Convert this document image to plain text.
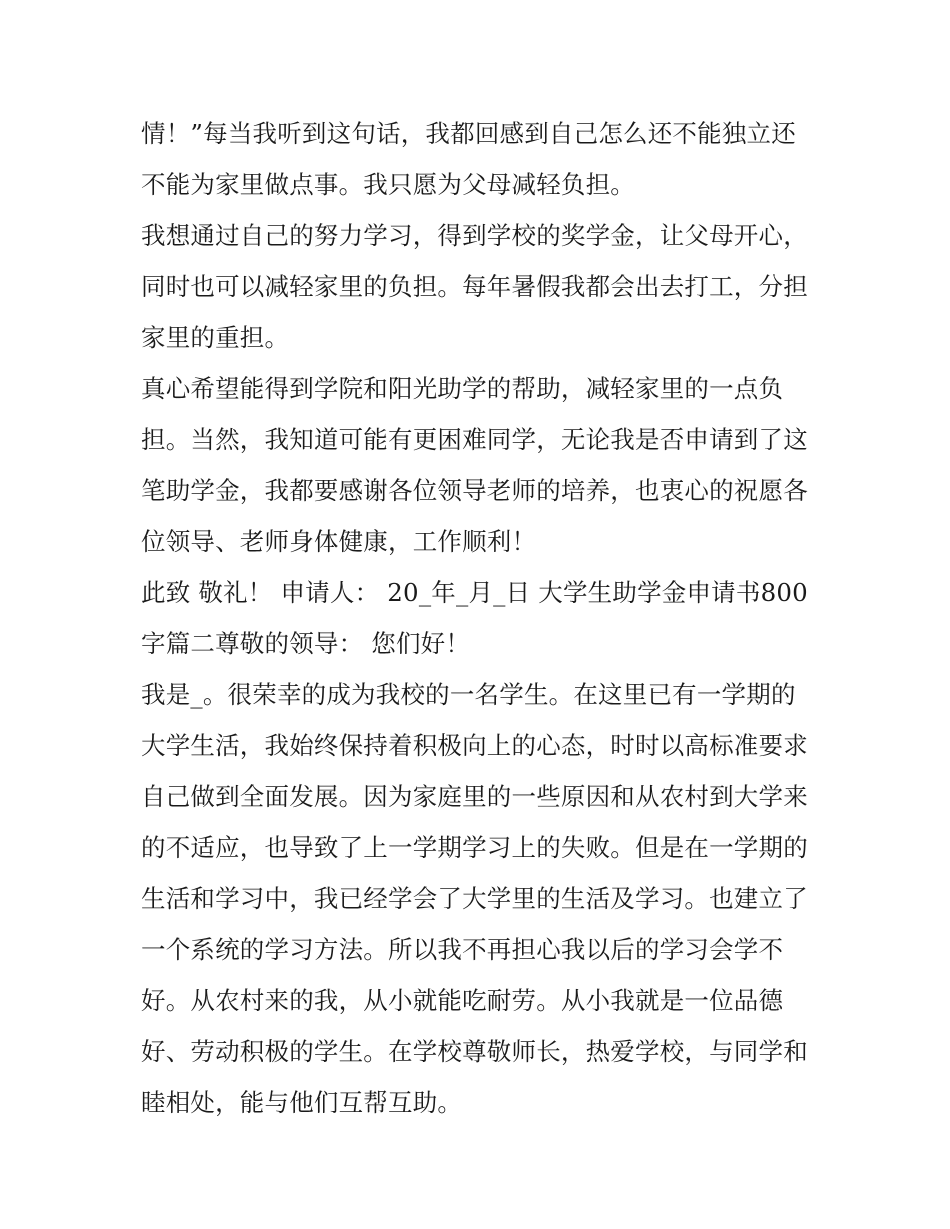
情！”每当我听到这句话，我都回感到自己怎么还不能独立还
不能为家里做点事。我只愿为父母减轻负担。
我想通过自己的努力学习，得到学校的奖学金，让父母开心，
同时也可以减轻家里的负担。每年暑假我都会出去打工，分担
家里的重担。
真心希望能得到学院和阳光助学的帮助，减轻家里的一点负
担。当然，我知道可能有更困难同学，无论我是否申请到了这
笔助学金，我都要感谢各位领导老师的培养，也衷心的祝愿各
位领导、老师身体健康，工作顺利！
此致 敬礼！ 申请人： 20_年_月_日 大学生助学金申请书800
字篇二尊敬的领导： 您们好！
我是_。很荣幸的成为我校的一名学生。在这里已有一学期的
大学生活，我始终保持着积极向上的心态，时时以高标准要求
自己做到全面发展。因为家庭里的一些原因和从农村到大学来
的不适应，也导致了上一学期学习上的失败。但是在一学期的
生活和学习中，我已经学会了大学里的生活及学习。也建立了
一个系统的学习方法。所以我不再担心我以后的学习会学不
好。从农村来的我，从小就能吃耐劳。从小我就是一位品德
好、劳动积极的学生。在学校尊敬师长，热爱学校，与同学和
睦相处，能与他们互帮互助。
